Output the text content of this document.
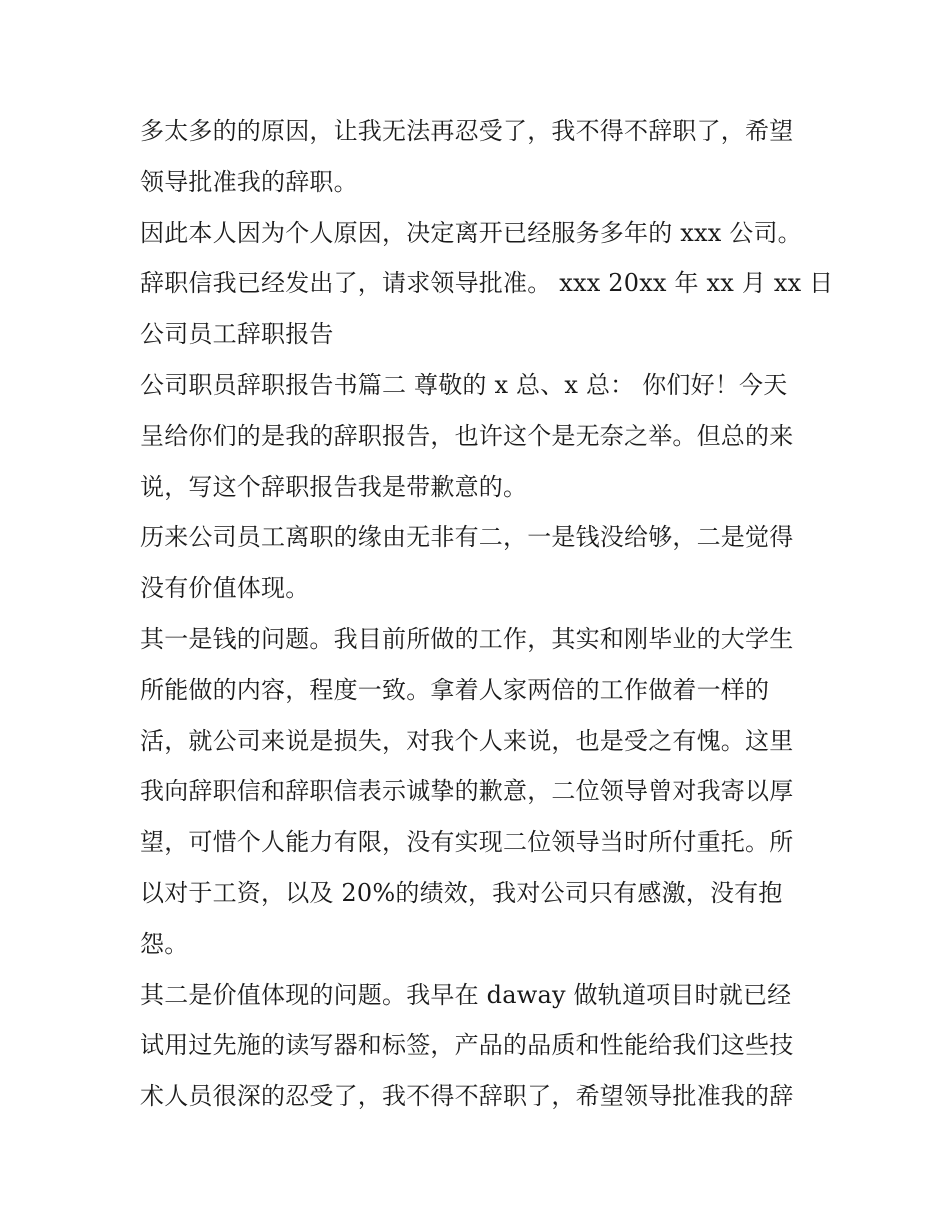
多太多的的原因，让我无法再忍受了，我不得不辞职了，希望
领导批准我的辞职。
因此本人因为个人原因，决定离开已经服务多年的 xxx 公司。
辞职信我已经发出了，请求领导批准。 xxx 20xx 年 xx 月 xx 日
公司员工辞职报告
公司职员辞职报告书篇二 尊敬的 x 总、x 总： 你们好！今天
呈给你们的是我的辞职报告，也许这个是无奈之举。但总的来
说，写这个辞职报告我是带歉意的。
历来公司员工离职的缘由无非有二，一是钱没给够，二是觉得
没有价值体现。
其一是钱的问题。我目前所做的工作，其实和刚毕业的大学生
所能做的内容，程度一致。拿着人家两倍的工作做着一样的
活，就公司来说是损失，对我个人来说，也是受之有愧。这里
我向辞职信和辞职信表示诚挚的歉意，二位领导曾对我寄以厚
望，可惜个人能力有限，没有实现二位领导当时所付重托。所
以对于工资，以及 20%的绩效，我对公司只有感激，没有抱
怨。
其二是价值体现的问题。我早在 daway 做轨道项目时就已经
试用过先施的读写器和标签，产品的品质和性能给我们这些技
术人员很深的忍受了，我不得不辞职了，希望领导批准我的辞
